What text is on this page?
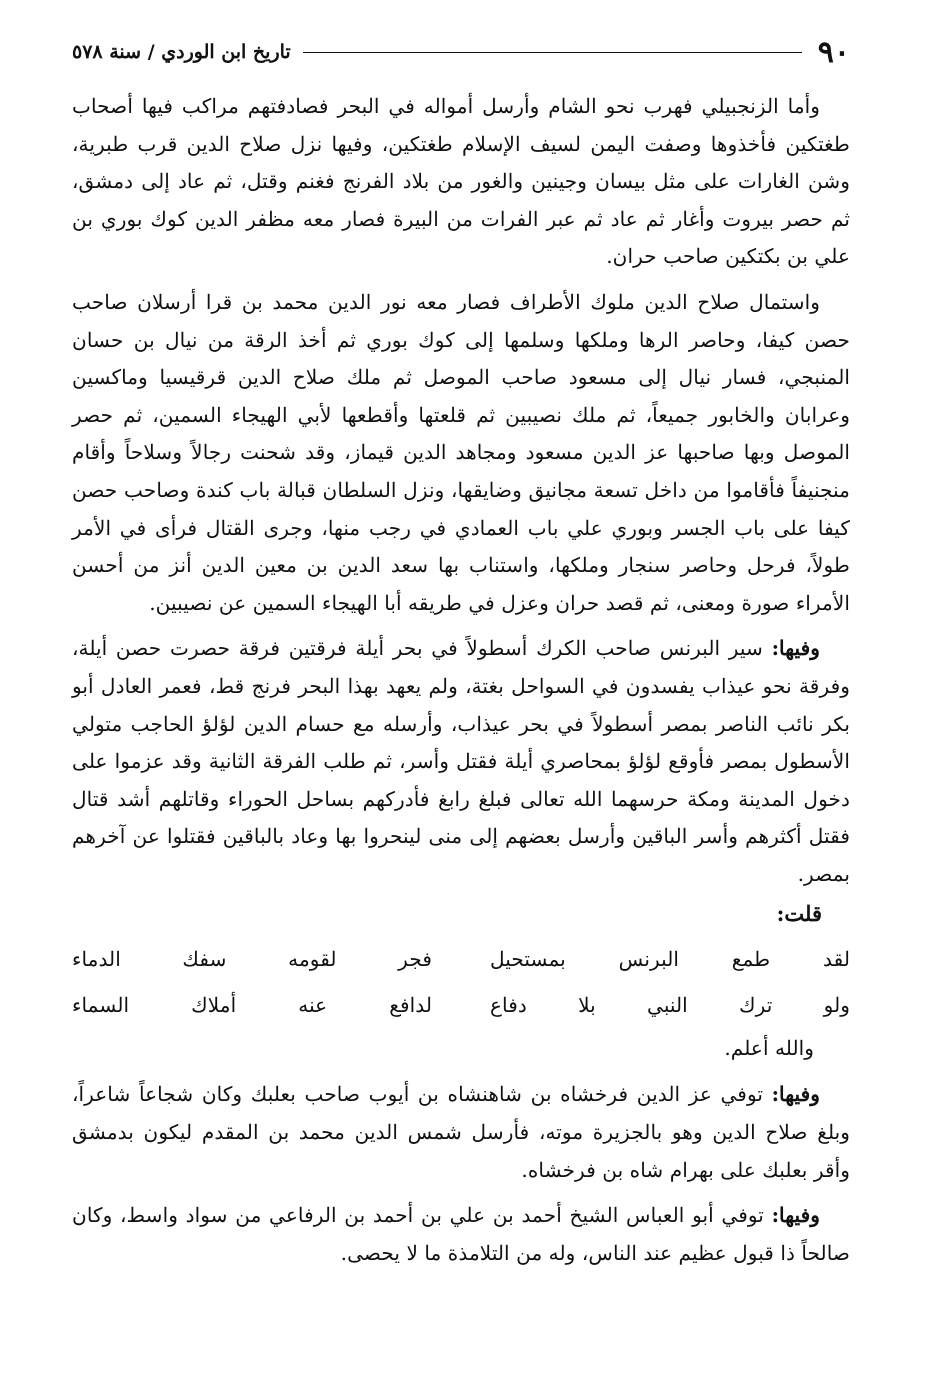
٩٠
تاريخ ابن الوردي / سنة ٥٧٨

وأما الزنجبيلي فهرب نحو الشام وأرسل أمواله في البحر فصادفتهم مراكب فيها أصحاب طغتكين فأخذوها وصفت اليمن لسيف الإسلام طغتكين، وفيها نزل صلاح الدين قرب طبرية، وشن الغارات على مثل بيسان وجينين والغور من بلاد الفرنج فغنم وقتل، ثم عاد إلى دمشق، ثم حصر بيروت وأغار ثم عاد ثم عبر الفرات من البيرة فصار معه مظفر الدين كوك بوري بن علي بن بكتكين صاحب حران.

واستمال صلاح الدين ملوك الأطراف فصار معه نور الدين محمد بن قرا أرسلان صاحب حصن كيفا، وحاصر الرها وملكها وسلمها إلى كوك بوري ثم أخذ الرقة من نيال بن حسان المنبجي، فسار نيال إلى مسعود صاحب الموصل ثم ملك صلاح الدين قرقيسيا وماكسين وعرابان والخابور جميعاً، ثم ملك نصيبين ثم قلعتها وأقطعها لأبي الهيجاء السمين، ثم حصر الموصل وبها صاحبها عز الدين مسعود ومجاهد الدين قيماز، وقد شحنت رجالاً وسلاحاً وأقام منجنيفاً فأقاموا من داخل تسعة مجانيق وضايقها، ونزل السلطان قبالة باب كندة وصاحب حصن كيفا على باب الجسر وبوري علي باب العمادي في رجب منها، وجرى القتال فرأى في الأمر طولاً، فرحل وحاصر سنجار وملكها، واستناب بها سعد الدين بن معين الدين أنز من أحسن الأمراء صورة ومعنى، ثم قصد حران وعزل في طريقه أبا الهيجاء السمين عن نصيبين.

وفيها: سير البرنس صاحب الكرك أسطولاً في بحر أيلة فرقتين فرقة حصرت حصن أيلة، وفرقة نحو عيذاب يفسدون في السواحل بغتة، ولم يعهد بهذا البحر فرنج قط، فعمر العادل أبو بكر نائب الناصر بمصر أسطولاً في بحر عيذاب، وأرسله مع حسام الدين لؤلؤ الحاجب متولي الأسطول بمصر فأوقع لؤلؤ بمحاصري أيلة فقتل وأسر، ثم طلب الفرقة الثانية وقد عزموا على دخول المدينة ومكة حرسهما الله تعالى فبلغ رابغ فأدركهم بساحل الحوراء وقاتلهم أشد قتال فقتل أكثرهم وأسر الباقين وأرسل بعضهم إلى منى لينحروا بها وعاد بالباقين فقتلوا عن آخرهم بمصر.

قلت:
لقد طمع البرنس بمستحيل
فجر لقومه سفك الدماء
ولو ترك النبي بلا دفاع
لدافع عنه أملاك السماء
والله أعلم.

وفيها: توفي عز الدين فرخشاه بن شاهنشاه بن أيوب صاحب بعلبك وكان شجاعاً شاعراً، وبلغ صلاح الدين وهو بالجزيرة موته، فأرسل شمس الدين محمد بن المقدم ليكون بدمشق وأقر بعلبك على بهرام شاه بن فرخشاه.

وفيها: توفي أبو العباس الشيخ أحمد بن علي بن أحمد بن الرفاعي من سواد واسط، وكان صالحاً ذا قبول عظيم عند الناس، وله من التلامذة ما لا يحصى.
